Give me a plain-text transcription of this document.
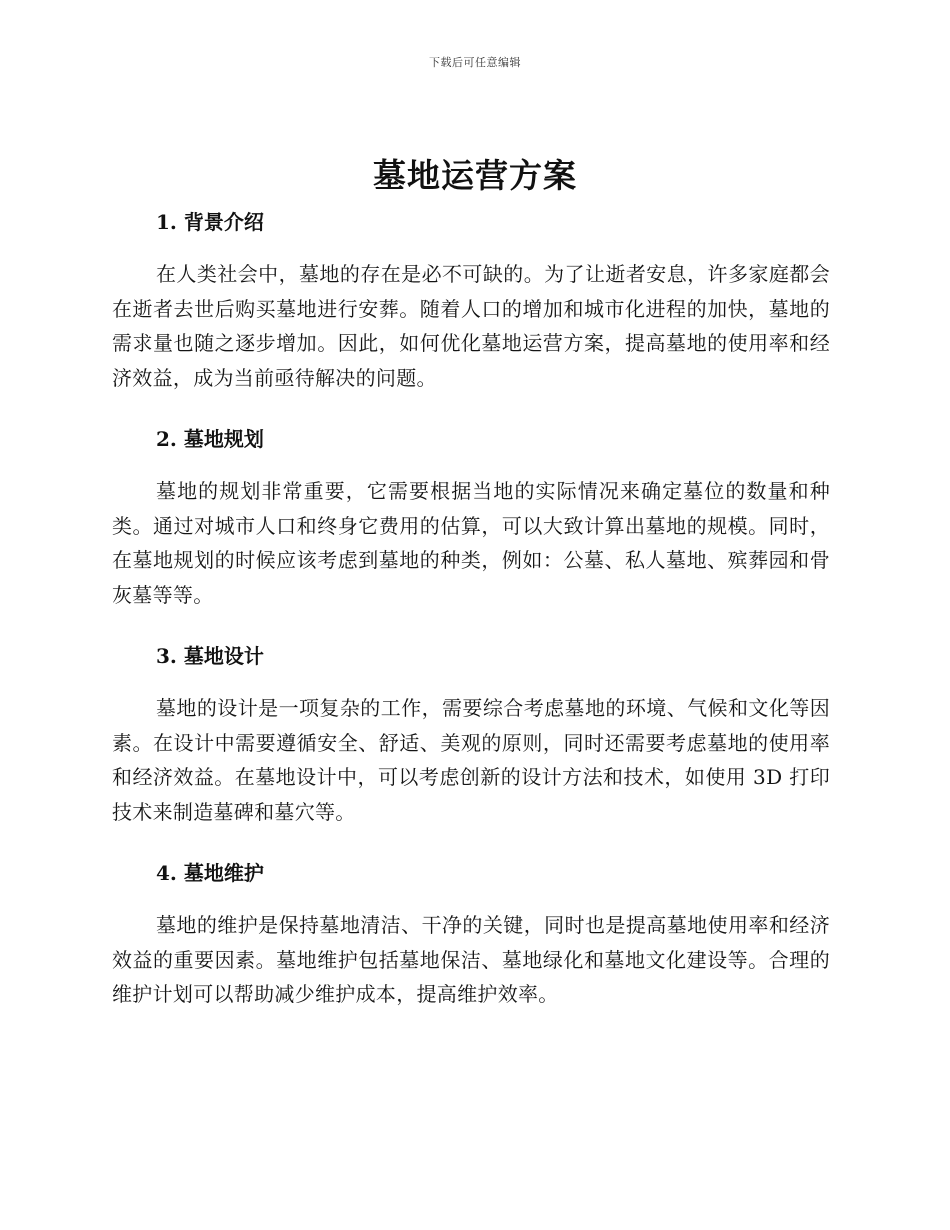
下载后可任意编辑
墓地运营方案
1. 背景介绍

在人类社会中，墓地的存在是必不可缺的。为了让逝者安息，许多家庭都会在逝者去世后购买墓地进行安葬。随着人口的增加和城市化进程的加快，墓地的需求量也随之逐步增加。因此，如何优化墓地运营方案，提高墓地的使用率和经济效益，成为当前亟待解决的问题。

2. 墓地规划

墓地的规划非常重要，它需要根据当地的实际情况来确定墓位的数量和种类。通过对城市人口和终身它费用的估算，可以大致计算出墓地的规模。同时，在墓地规划的时候应该考虑到墓地的种类，例如：公墓、私人墓地、殡葬园和骨灰墓等等。

3. 墓地设计

墓地的设计是一项复杂的工作，需要综合考虑墓地的环境、气候和文化等因素。在设计中需要遵循安全、舒适、美观的原则，同时还需要考虑墓地的使用率和经济效益。在墓地设计中，可以考虑创新的设计方法和技术，如使用 3D 打印技术来制造墓碑和墓穴等。

4. 墓地维护

墓地的维护是保持墓地清洁、干净的关键，同时也是提高墓地使用率和经济效益的重要因素。墓地维护包括墓地保洁、墓地绿化和墓地文化建设等。合理的维护计划可以帮助减少维护成本，提高维护效率。
